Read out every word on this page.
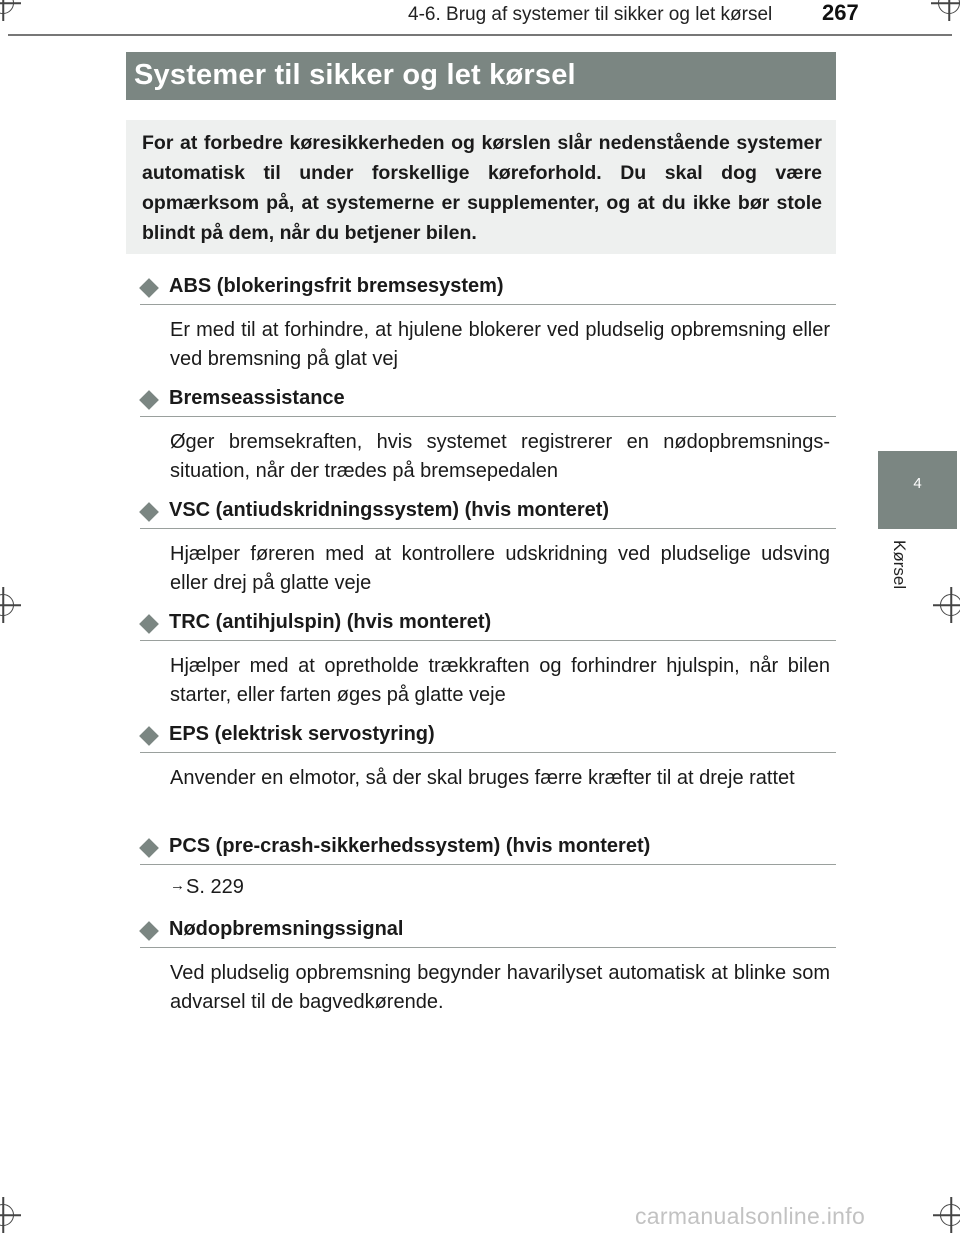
4-6. Brug af systemer til sikker og let kørsel 267
Systemer til sikker og let kørsel

For at forbedre køresikkerheden og kørslen slår nedenstående systemer automatisk til under forskellige køreforhold. Du skal dog være opmærksom på, at systemerne er supplementer, og at du ikke bør stole blindt på dem, når du betjener bilen.

4
Kørsel
ABS (blokeringsfrit bremsesystem)

Er med til at forhindre, at hjulene blokerer ved pludselig opbremsning eller ved bremsning på glat vej

Bremseassistance

Øger bremsekraften, hvis systemet registrerer en nødopbremsnings-situation, når der trædes på bremsepedalen

VSC (antiudskridningssystem) (hvis monteret)

Hjælper føreren med at kontrollere udskridning ved pludselige udsving eller drej på glatte veje

TRC (antihjulspin) (hvis monteret)

Hjælper med at opretholde trækkraften og forhindrer hjulspin, når bilen starter, eller farten øges på glatte veje

EPS (elektrisk servostyring)

Anvender en elmotor, så der skal bruges færre kræfter til at dreje rattet

PCS (pre-crash-sikkerhedssystem) (hvis monteret)
→S. 229
Nødopbremsningssignal

Ved pludselig opbremsning begynder havarilyset automatisk at blinke som advarsel til de bagvedkørende.

carmanualsonline.info
